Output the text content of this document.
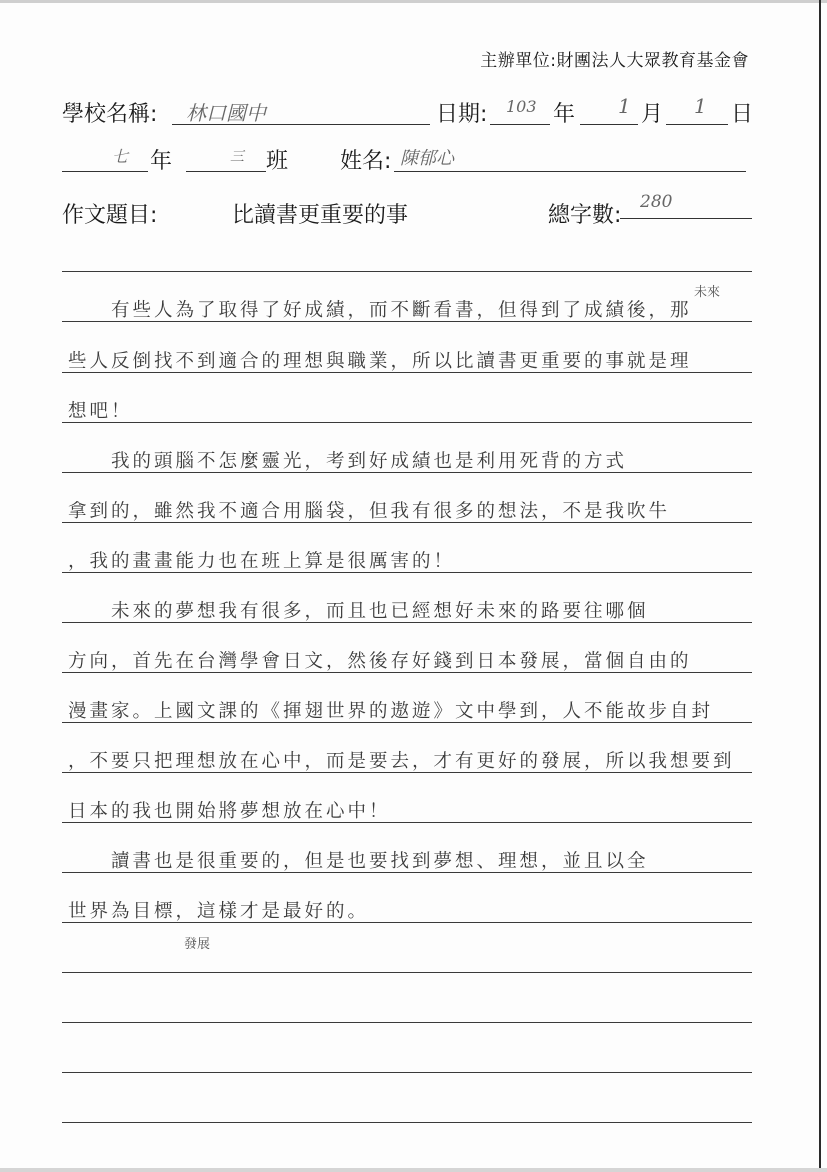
主辦單位:財團法人大眾教育基金會
學校名稱: 林口國中	日期: 103 年 1 月 1 日
七 年	三 班 姓名: 陳郁心
作文題目:	比讀書更重要的事	總字數:
280
　　有些人為了取得了好成績，而不斷看書，但得到了成績後，那
些人反倒找不到適合的理想與職業，所以比讀書更重要的事就是理
想吧！
　　我的頭腦不怎麼靈光，考到好成績也是利用死背的方式
拿到的，雖然我不適合用腦袋，但我有很多的想法，不是我吹牛
，我的畫畫能力也在班上算是很厲害的！
　　未來的夢想我有很多，而且也已經想好未來的路要往哪個
方向，首先在台灣學會日文，然後存好錢到日本發展，當個自由的
漫畫家。上國文課的《揮翅世界的遨遊》文中學到，人不能故步自封
，不要只把理想放在心中，而是要去，才有更好的發展，所以我想要到
日本的我也開始將夢想放在心中！
　　讀書也是很重要的，但是也要找到夢想、理想，並且以全
世界為目標，這樣才是最好的。
未來
發展
